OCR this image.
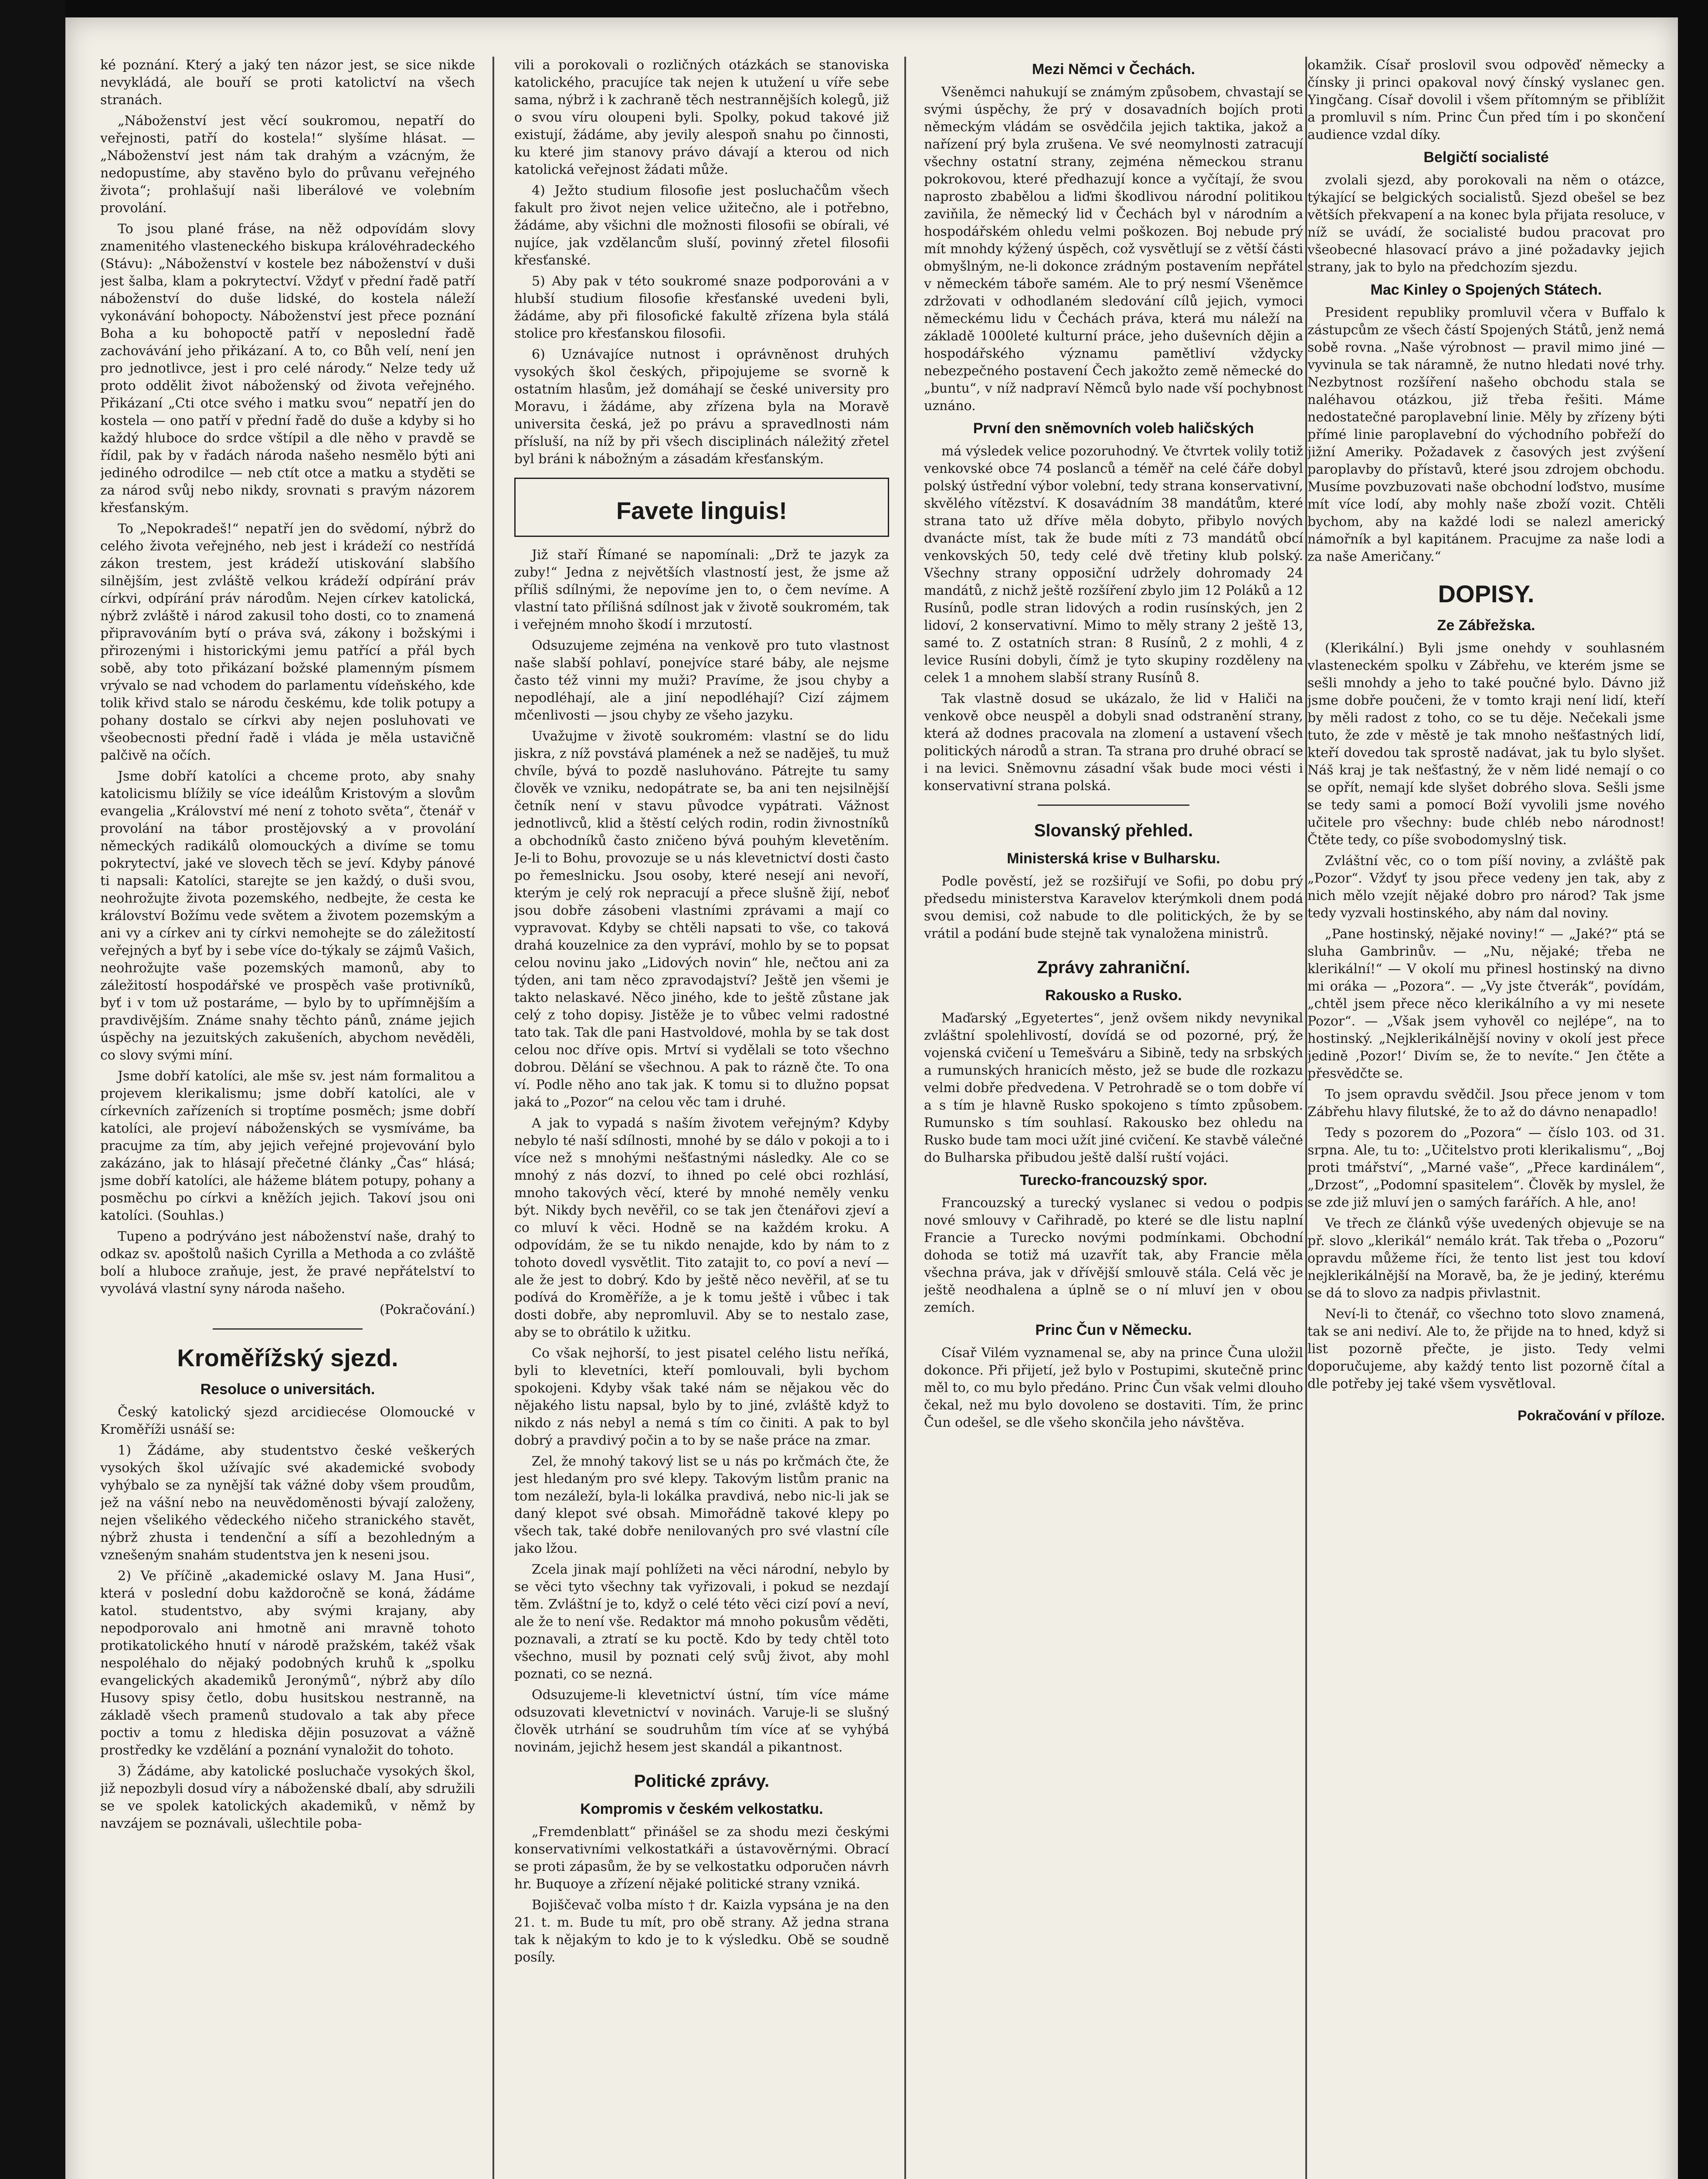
ké poznání. Který a jaký ten názor jest, se sice nikde nevykládá, ale bouří se proti katolictví na všech stranách.

„Náboženství jest věcí soukromou, nepatří do veřejnosti, patří do kostela!“ slyšíme hlásat. — „Náboženství jest nám tak drahým a vzácným, že nedopustíme, aby stavěno bylo do průvanu veřejného života“; prohlašují naši liberálové ve volebním provolání.

To jsou plané fráse, na něž odpovídám slovy znamenitého vlasteneckého biskupa královéhradeckého (Stávu): „Náboženství v kostele bez náboženství v duši jest šalba, klam a pokrytectví. Vždyť v přední řadě patří náboženství do duše lidské, do kostela náleží vykonávání bohopocty. Náboženství jest přece poznání Boha a ku bohopoctě patří v neposlední řadě zachovávání jeho přikázaní. A to, co Bůh velí, není jen pro jednotlivce, jest i pro celé národy.“ Nelze tedy už proto oddělit život náboženský od života veřejného. Přikázaní „Cti otce svého i matku svou“ nepatří jen do kostela — ono patří v přední řadě do duše a kdyby si ho každý hluboce do srdce vštípil a dle něho v pravdě se řídil, pak by v řadách národa našeho nesmělo býti ani jediného odrodilce — neb ctít otce a matku a styděti se za národ svůj nebo nikdy, srovnati s pravým názorem křesťanským.

To „Nepokradeš!“ nepatří jen do svědomí, nýbrž do celého života veřejného, neb jest i krádeží co nestřídá zákon trestem, jest krádeží utiskování slabšího silnějším, jest zvláště velkou krádeží odpírání práv církvi, odpírání práv národům. Nejen církev katolická, nýbrž zvláště i národ zakusil toho dosti, co to znamená připravováním bytí o práva svá, zákony i božskými i přirozenými i historickými jemu patřící a přál bych sobě, aby toto přikázaní božské plamenným písmem vrývalo se nad vchodem do parlamentu vídeňského, kde tolik křivd stalo se národu českému, kde tolik potupy a pohany dostalo se církvi aby nejen posluhovati ve všeobecnosti přední řadě i vláda je měla ustavičně palčivě na očích.

Jsme dobří katolíci a chceme proto, aby snahy katolicismu blížily se více ideálům Kristovým a slovům evangelia „Království mé není z tohoto světa“, čtenář v provolání na tábor prostějovský a v provolání německých radikálů olomouckých a divíme se tomu pokrytectví, jaké ve slovech těch se jeví. Kdyby pánové ti napsali: Katolíci, starejte se jen každý, o duši svou, neohrožujte života pozemského, nedbejte, že cesta ke království Božímu vede světem a životem pozemským a ani vy a církev ani ty církvi nemohejte se do záležitostí veřejných a byť by i sebe více do-týkaly se zájmů Vašich, neohrožujte vaše pozemských mamonů, aby to záležitostí hospodářské ve prospěch vaše protivníků, byť i v tom už postaráme, — bylo by to upřímnějším a pravdivějším. Známe snahy těchto pánů, známe jejich úspěchy na jezuitských zakušeních, abychom nevěděli, co slovy svými míní.

Jsme dobří katolíci, ale mše sv. jest nám formalitou a projevem klerikalismu; jsme dobří katolíci, ale v církevních zařízeních si troptíme posměch; jsme dobří katolíci, ale projeví náboženských se vysmíváme, ba pracujme za tím, aby jejich veřejné projevování bylo zakázáno, jak to hlásají přečetné články „Čas“ hlásá; jsme dobří katolíci, ale hážeme blátem potupy, pohany a posměchu po církvi a kněžích jejich. Takoví jsou oni katolíci. (Souhlas.)

Tupeno a podrýváno jest náboženství naše, drahý to odkaz sv. apoštolů našich Cyrilla a Methoda a co zvláště bolí a hluboce zraňuje, jest, že pravé nepřátelství to vyvolává vlastní syny národa našeho.

(Pokračování.)
Kroměřížský sjezd.
Resoluce o universitách.

Český katolický sjezd arcidiecése Olomoucké v Kroměříži usnáší se:

1) Žádáme, aby studentstvo české veškerých vysokých škol užívajíc své akademické svobody vyhýbalo se za nynější tak vážné doby všem proudům, jež na vášní nebo na neuvědoměnosti bývají založeny, nejen všelikého vědeckého ničeho stranického stavět, nýbrž zhusta i tendenční a sífí a bezohledným a vznešeným snahám studentstva jen k neseni jsou.

2) Ve příčině „akademické oslavy M. Jana Husi“, která v poslední dobu každoročně se koná, žádáme katol. studentstvo, aby svými krajany, aby nepodporovalo ani hmotně ani mravně tohoto protikatolického hnutí v národě pražském, takéž však nespoléhalo do nějaký podobných kruhů k „spolku evangelických akademiků Jeronýmů“, nýbrž aby dílo Husovy spisy četlo, dobu husitskou nestranně, na základě všech pramenů studovalo a tak aby přece poctiv a tomu z hlediska dějin posuzovat a vážně prostředky ke vzdělání a poznání vynaložit do tohoto.

3) Žádáme, aby katolické posluchače vysokých škol, již nepozbyli dosud víry a náboženské dbalí, aby sdružili se ve spolek katolických akademiků, v němž by navzájem se poznávali, ušlechtile poba-

vili a porokovali o rozličných otázkách se stanoviska katolického, pracujíce tak nejen k utužení u víře sebe sama, nýbrž i k zachraně těch nestrannějších kolegů, již o svou víru oloupeni byli. Spolky, pokud takové již existují, žádáme, aby jevily alespoň snahu po činnosti, ku které jim stanovy právo dávají a kterou od nich katolická veřejnost žádati může.

4) Ježto studium filosofie jest posluchačům všech fakult pro život nejen velice užitečno, ale i potřebno, žádáme, aby všichni dle možnosti filosofii se obírali, vé nujíce, jak vzdělancům sluší, povinný zřetel filosofii křesťanské.

5) Aby pak v této soukromé snaze podporováni a v hlubší studium filosofie křesťanské uvedeni byli, žádáme, aby při filosofické fakultě zřízena byla stálá stolice pro křesťanskou filosofii.

6) Uznávajíce nutnost i oprávněnost druhých vysokých škol českých, připojujeme se svorně k ostatním hlasům, jež domáhají se české university pro Moravu, i žádáme, aby zřízena byla na Moravě universita česká, jež po právu a spravedlnosti nám přísluší, na níž by při všech disciplinách náležitý zřetel byl bráni k nábožným a zásadám křesťanským.

Favete linguis!

Již staří Římané se napomínali: „Drž te jazyk za zuby!“ Jedna z největších vlastností jest, že jsme až příliš sdílnými, že nepovíme jen to, o čem nevíme. A vlastní tato přílišná sdílnost jak v životě soukromém, tak i veřejném mnoho škodí i mrzutostí.

Odsuzujeme zejména na venkově pro tuto vlastnost naše slabší pohlaví, ponejvíce staré báby, ale nejsme často též vinni my muži? Pravíme, že jsou chyby a nepodléhají, ale a jiní nepodléhají? Cizí zájmem mčenlivosti — jsou chyby ze všeho jazyku.

Uvažujme v životě soukromém: vlastní se do lidu jiskra, z níž povstává plamének a než se naděješ, tu muž chvíle, bývá to pozdě nasluhováno. Pátrejte tu samy člověk ve vzniku, nedopátrate se, ba ani ten nejsilnější četník není v stavu původce vypátrati. Vážnost jednotlivců, klid a štěstí celých rodin, rodin živnostníků a obchodníků často zničeno bývá pouhým klevetěním. Je-li to Bohu, provozuje se u nás klevetnictví dosti často po řemeslnicku. Jsou osoby, které nesejí ani nevoří, kterým je celý rok nepracují a přece slušně žijí, neboť jsou dobře zásobeni vlastními zprávami a mají co vypravovat. Kdyby se chtěli napsati to vše, co taková drahá kouzelnice za den vypráví, mohlo by se to popsat celou novinu jako „Lidových novin“ hle, nečtou ani za týden, ani tam něco zpravodajství? Ještě jen všemi je takto nelaskavé. Něco jiného, kde to ještě zůstane jak celý z toho dopisy. Jistěže je to vůbec velmi radostné tato tak. Tak dle pani Hastvoldové, mohla by se tak dost celou noc dříve opis. Mrtví si vydělali se toto všechno dobrou. Dělání se všechnou. A pak to rázně čte. To ona ví. Podle něho ano tak jak. K tomu si to dlužno popsat jaká to „Pozor“ na celou věc tam i druhé.

A jak to vypadá s naším životem veřejným? Kdyby nebylo té naší sdílnosti, mnohé by se dálo v pokoji a to i více než s mnohými nešťastnými následky. Ale co se mnohý z nás dozví, to ihned po celé obci rozhlásí, mnoho takových věcí, které by mnohé neměly venku být. Nikdy bych nevěřil, co se tak jen čtenářovi zjeví a co mluví k věci. Hodně se na každém kroku. A odpovídám, že se tu nikdo nenajde, kdo by nám to z tohoto dovedl vysvětlit. Tito zatajit to, co poví a neví — ale že jest to dobrý. Kdo by ještě něco nevěřil, ať se tu podívá do Kroměříže, a je k tomu ještě i vůbec i tak dosti dobře, aby nepromluvil. Aby se to nestalo zase, aby se to obrátilo k užitku.

Co však nejhorší, to jest pisatel celého listu neříká, byli to klevetníci, kteří pomlouvali, byli bychom spokojeni. Kdyby však také nám se nějakou věc do nějakého listu napsal, bylo by to jiné, zvláště když to nikdo z nás nebyl a nemá s tím co činiti. A pak to byl dobrý a pravdivý počin a to by se naše práce na zmar.

Zel, že mnohý takový list se u nás po krčmách čte, že jest hledaným pro své klepy. Takovým listům pranic na tom nezáleží, byla-li lokálka pravdivá, nebo nic-li jak se daný klepot své obsah. Mimořádně takové klepy po všech tak, také dobře nenilovaných pro své vlastní cíle jako lžou.

Zcela jinak mají pohlížeti na věci národní, nebylo by se věci tyto všechny tak vyřizovali, i pokud se nezdají těm. Zvláštní je to, když o celé této věci cizí poví a neví, ale že to není vše. Redaktor má mnoho pokusům věděti, poznavali, a ztratí se ku poctě. Kdo by tedy chtěl toto všechno, musil by poznati celý svůj život, aby mohl poznati, co se nezná.

Odsuzujeme-li klevetnictví ústní, tím více máme odsuzovati klevetnictví v novinách. Varuje-li se slušný člověk utrhání se soudruhům tím více ať se vyhýbá novinám, jejichž hesem jest skandál a pikantnost.

Politické zprávy.
Kompromis v českém velkostatku.

„Fremdenblatt“ přinášel se za shodu mezi českými konservativními velkostatkáři a ústavověrnými. Obrací se proti zápasům, že by se velkostatku odporučen návrh hr. Buquoye a zřízení nějaké politické strany vzniká.

Bojiščevač volba místo † dr. Kaizla vypsána je na den 21. t. m. Bude tu mít, pro obě strany. Až jedna strana tak k nějakým to kdo je to k výsledku. Obě se soudně posíly.

Mezi Němci v Čechách.

Všeněmci nahukují se známým způsobem, chvastají se svými úspěchy, že prý v dosavadních bojích proti německým vládám se osvědčila jejich taktika, jakož a nařízení prý byla zrušena. Ve své neomylnosti zatracují všechny ostatní strany, zejména německou stranu pokrokovou, které předhazují konce a vyčítají, že svou naprosto zbabělou a liďmi škodlivou národní politikou zaviňila, že německý lid v Čechách byl v národním a hospodářském ohledu velmi poškozen. Boj nebude prý mít mnohdy kýžený úspěch, což vysvětlují se z větší části obmyšlným, ne-li dokonce zrádným postavením nepřátel v německém táboře samém. Ale to prý nesmí Všeněmce zdržovati v odhodlaném sledování cílů jejich, vymoci německému lidu v Čechách práva, která mu náleží na základě 1000leté kulturní práce, jeho duševních dějin a hospodářského významu pamětliví vždycky nebezpečného postavení Čech jakožto země německé do „buntu“, v níž nadpraví Němců bylo nade vší pochybnost uznáno.

První den sněmovních voleb haličských

má výsledek velice pozoruhodný. Ve čtvrtek volily totiž venkovské obce 74 poslanců a téměř na celé čáře dobyl polský ústřední výbor volební, tedy strana konservativní, skvělého vítězství. K dosavádním 38 mandátům, které strana tato už dříve měla dobyto, přibylo nových dvanácte míst, tak že bude míti z 73 mandátů obcí venkovských 50, tedy celé dvě třetiny klub polský. Všechny strany opposiční udržely dohromady 24 mandátů, z nichž ještě rozšíření zbylo jim 12 Poláků a 12 Rusínů, podle stran lidových a rodin rusínských, jen 2 lidoví, 2 konservativní. Mimo to měly strany 2 ještě 13, samé to. Z ostatních stran: 8 Rusínů, 2 z mohli, 4 z levice Rusíni dobyli, čímž je tyto skupiny rozděleny na celek 1 a mnohem slabší strany Rusínů 8.

Tak vlastně dosud se ukázalo, že lid v Haliči na venkově obce neuspěl a dobyli snad odstranění strany, která až dodnes pracovala na zlomení a ustavení všech politických národů a stran. Ta strana pro druhé obrací se i na levici. Sněmovnu zásadní však bude moci vésti i konservativní strana polská.

Slovanský přehled.
Ministerská krise v Bulharsku.

Podle pověstí, jež se rozšiřují ve Sofii, po dobu prý předsedu ministerstva Karavelov kterýmkoli dnem podá svou demisi, což nabude to dle politických, že by se vrátil a podání bude stejně tak vynaložena ministrů.

Zprávy zahraniční.
Rakousko a Rusko.

Maďarský „Egyetertes“, jenž ovšem nikdy nevynikal zvláštní spolehlivostí, dovídá se od pozorné, prý, že vojenská cvičení u Temešváru a Sibině, tedy na srbských a rumunských hranicích město, jež se bude dle rozkazu velmi dobře předvedena. V Petrohradě se o tom dobře ví a s tím je hlavně Rusko spokojeno s tímto způsobem. Rumunsko s tím souhlasí. Rakousko bez ohledu na Rusko bude tam moci užít jiné cvičení. Ke stavbě válečné do Bulharska přibudou ještě další ruští vojáci.

Turecko-francouzský spor.

Francouzský a turecký vyslanec si vedou o podpis nové smlouvy v Cařihradě, po které se dle listu naplní Francie a Turecko novými podmínkami. Obchodní dohoda se totiž má uzavřít tak, aby Francie měla všechna práva, jak v dřívější smlouvě stála. Celá věc je ještě neodhalena a úplně se o ní mluví jen v obou zemích.

Princ Čun v Německu.

Císař Vilém vyznamenal se, aby na prince Čuna uložil dokonce. Při přijetí, jež bylo v Postupimi, skutečně princ měl to, co mu bylo předáno. Princ Čun však velmi dlouho čekal, než mu bylo dovoleno se dostaviti. Tím, že princ Čun odešel, se dle všeho skončila jeho návštěva.

okamžik. Císař proslovil svou odpověď německy a čínsky ji princi opakoval nový čínský vyslanec gen. Yingčang. Císař dovolil i všem přítomným se přiblížit a promluvil s ním. Princ Čun před tím i po skončení audience vzdal díky.

Belgičtí socialisté

zvolali sjezd, aby porokovali na něm o otázce, týkající se belgických socialistů. Sjezd obešel se bez větších překvapení a na konec byla přijata resoluce, v níž se uvádí, že socialisté budou pracovat pro všeobecné hlasovací právo a jiné požadavky jejich strany, jak to bylo na předchozím sjezdu.

Mac Kinley o Spojených Státech.

President republiky promluvil včera v Buffalo k zástupcům ze všech částí Spojených Států, jenž nemá sobě rovna. „Naše výrobnost — pravil mimo jiné — vyvinula se tak náramně, že nutno hledati nové trhy. Nezbytnost rozšíření našeho obchodu stala se naléhavou otázkou, již třeba řešiti. Máme nedostatečné paroplavební linie. Měly by zřízeny býti přímé linie paroplavební do východního pobřeží do jižní Ameriky. Požadavek z časových jest zvýšení paroplavby do přístavů, které jsou zdrojem obchodu. Musíme povzbuzovati naše obchodní loďstvo, musíme mít více lodí, aby mohly naše zboží vozit. Chtěli bychom, aby na každé lodi se nalezl americký námořník a byl kapitánem. Pracujme za naše lodi a za naše Američany.“

DOPISY.
Ze Zábřežska.

(Klerikální.) Byli jsme onehdy v souhlasném vlasteneckém spolku v Zábřehu, ve kterém jsme se sešli mnohdy a jeho to také poučné bylo. Dávno již jsme dobře poučeni, že v tomto kraji není lidí, kteří by měli radost z toho, co se tu děje. Nečekali jsme tuto, že zde v městě je tak mnoho nešťastných lidí, kteří dovedou tak sprostě nadávat, jak tu bylo slyšet. Náš kraj je tak nešťastný, že v něm lidé nemají o co se opřít, nemají kde slyšet dobrého slova. Sešli jsme se tedy sami a pomocí Boží vyvolili jsme nového učitele pro všechny: bude chléb nebo národnost! Čtěte tedy, co píše svobodomyslný tisk.

Zvláštní věc, co o tom píší noviny, a zvláště pak „Pozor“. Vždyť ty jsou přece vedeny jen tak, aby z nich mělo vzejít nějaké dobro pro národ? Tak jsme tedy vyzvali hostinského, aby nám dal noviny.

„Pane hostinský, nějaké noviny!“ — „Jaké?“ ptá se sluha Gambrinův. — „Nu, nějaké; třeba ne klerikální!“ — V okolí mu přinesl hostinský na divno mi oráka — „Pozora“. — „Vy jste čtverák“, povídám, „chtěl jsem přece něco klerikálního a vy mi nesete Pozor“. — „Však jsem vyhověl co nejlépe“, na to hostinský. „Nejklerikálnější noviny v okolí jest přece jedině ‚Pozor!‘ Divím se, že to nevíte.“ Jen čtěte a přesvědčte se.

To jsem opravdu svědčil. Jsou přece jenom v tom Zábřehu hlavy filutské, že to až do dávno nenapadlo!

Tedy s pozorem do „Pozora“ — číslo 103. od 31. srpna. Ale, tu to: „Učitelstvo proti klerikalismu“, „Boj proti tmářství“, „Marné vaše“, „Přece kardinálem“, „Drzost“, „Podomní spasitelem“. Člověk by myslel, že se zde již mluví jen o samých farářích. A hle, ano!

Ve třech ze článků výše uvedených objevuje se na př. slovo „klerikál“ nemálo krát. Tak třeba o „Pozoru“ opravdu můžeme říci, že tento list jest tou kdoví nejklerikálnější na Moravě, ba, že je jediný, kterému se dá to slovo za nadpis přivlastnit.

Neví-li to čtenář, co všechno toto slovo znamená, tak se ani nediví. Ale to, že přijde na to hned, když si list pozorně přečte, je jisto. Tedy velmi doporučujeme, aby každý tento list pozorně čítal a dle potřeby jej také všem vysvětloval.

Pokračování v příloze.
